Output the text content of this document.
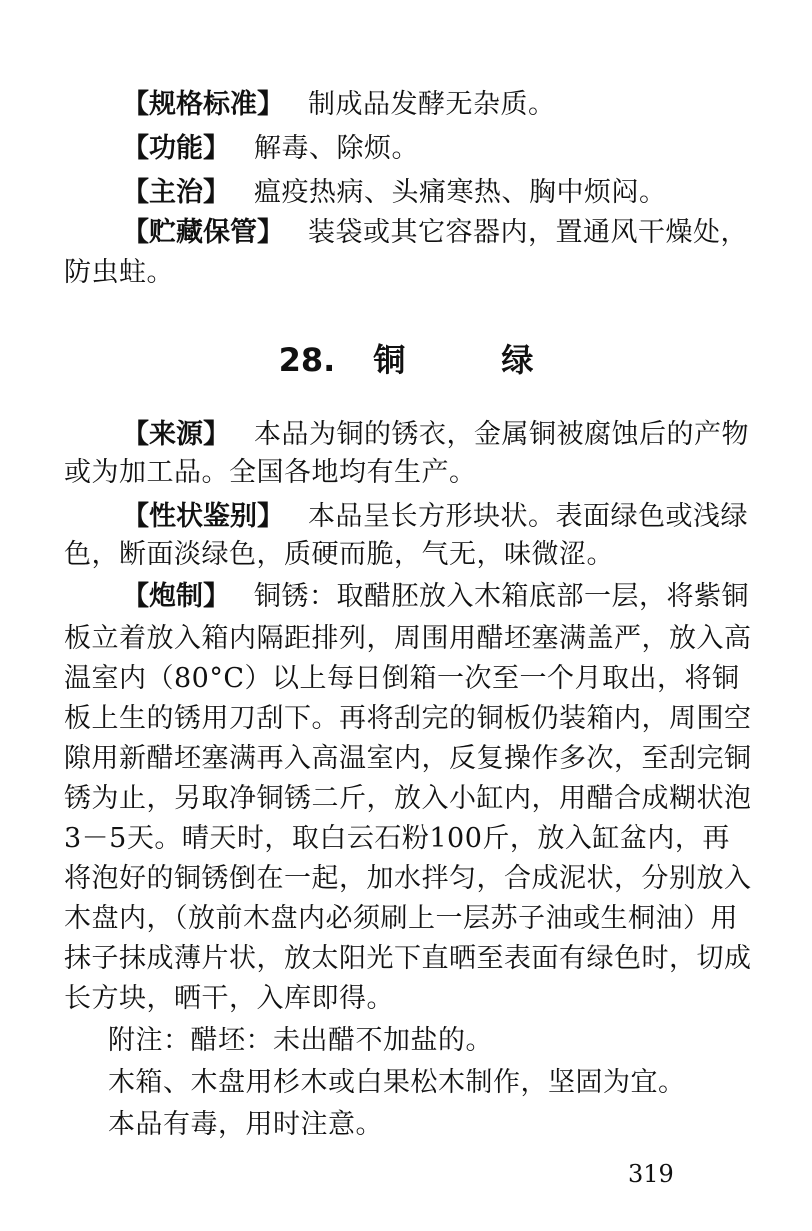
【规格标准】 制成品发酵无杂质。
【功能】 解毒、除烦。
【主治】 瘟疫热病、头痛寒热、胸中烦闷。
【贮藏保管】 装袋或其它容器内，置通风干燥处，
防虫蛀。
28. 铜	绿
【来源】 本品为铜的锈衣，金属铜被腐蚀后的产物
或为加工品。全国各地均有生产。
【性状鉴别】 本品呈长方形块状。表面绿色或浅绿
色，断面淡绿色，质硬而脆，气无，味微涩。
【炮制】 铜锈：取醋胚放入木箱底部一层，将紫铜
板立着放入箱内隔距排列，周围用醋坯塞满盖严，放入高
温室内（80°C）以上每日倒箱一次至一个月取出，将铜
板上生的锈用刀刮下。再将刮完的铜板仍装箱内，周围空
隙用新醋坯塞满再入高温室内，反复操作多次，至刮完铜
锈为止，另取净铜锈二斤，放入小缸内，用醋合成糊状泡
3－5天。晴天时，取白云石粉100斤，放入缸盆内，再
将泡好的铜锈倒在一起，加水拌匀，合成泥状，分别放入
木盘内，（放前木盘内必须刷上一层苏子油或生桐油）用
抹子抹成薄片状，放太阳光下直晒至表面有绿色时，切成
长方块，晒干，入库即得。
附注：醋坯：未出醋不加盐的。
木箱、木盘用杉木或白果松木制作，坚固为宜。
本品有毒，用时注意。
319
